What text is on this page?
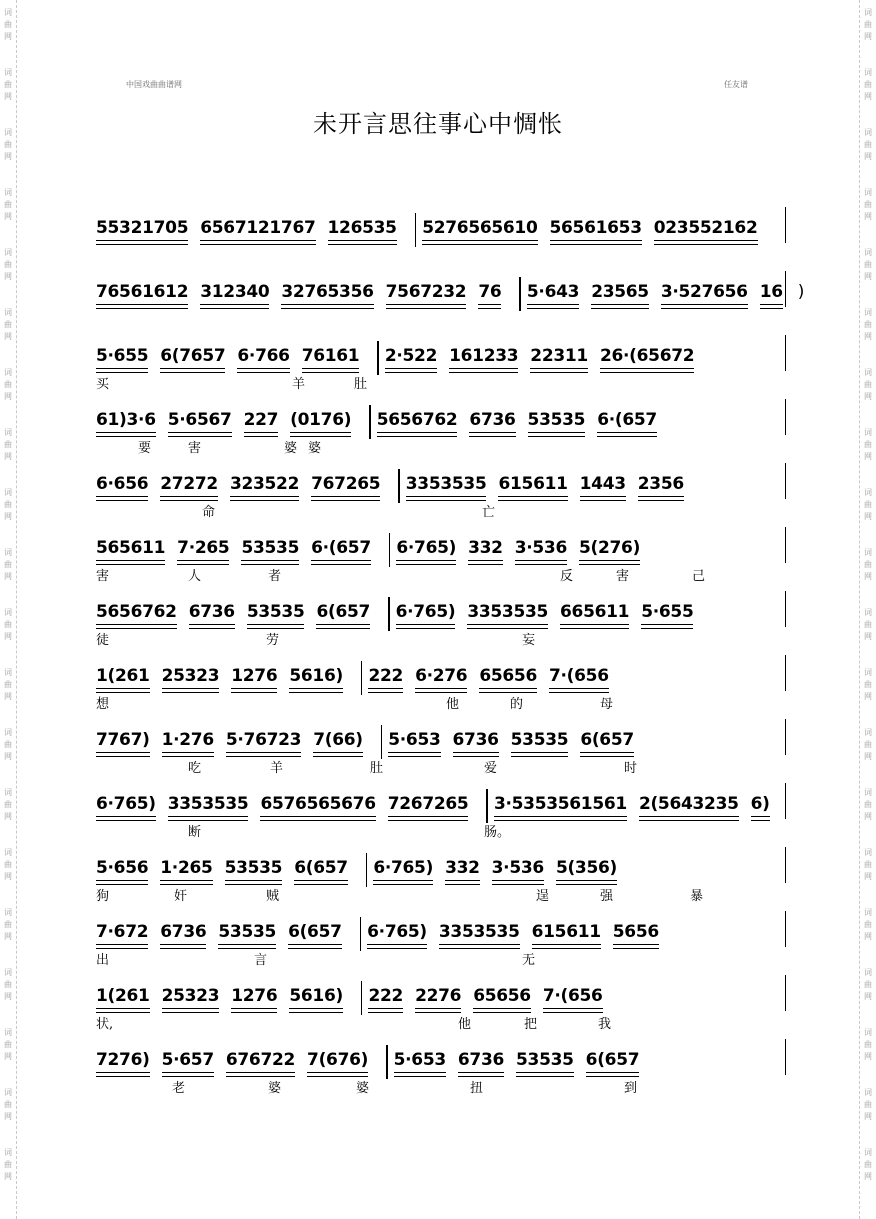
词
曲
网
词
曲
网
词
曲
网
词
曲
网
词
曲
网
词
曲
网
词
曲
网
词
曲
网
词
曲
网
词
曲
网
词
曲
网
词
曲
网
词
曲
网
词
曲
网
词
曲
网
词
曲
网
词
曲
网
词
曲
网
词
曲
网
词
曲
网
词
曲
网
词
曲
网
词
曲
网
词
曲
网
词
曲
网
词
曲
网
词
曲
网
词
曲
网
词
曲
网
词
曲
网
词
曲
网
词
曲
网
词
曲
网
词
曲
网
词
曲
网
词
曲
网
词
曲
网
词
曲
网
词
曲
网
词
曲
网
中国戏曲曲谱网	任友谱
未开言思往事心中惆怅
55321705 6567121767 126535 5276565610 56561653 023552162
76561612 312340 32765356 7567232 76 5·643 23565 3·527656 16 )
5·655 6(7657 6·766 76161 2·522 161233 22311 26·(65672
买	羊	肚
61)3·6 5·6567 227 (0176) 5656762 6736 53535 6·(657
要	害	婆 婆
6·656 27272 323522 767265 3353535 615611 1443 2356
命	亡
565611 7·265 53535 6·(657 6·765) 332 3·536 5(276)
害	人	者	反	害	己
5656762 6736 53535 6(657 6·765) 3353535 665611 5·655
徒	劳	妄
1(261 25323 1276 5616) 222 6·276 65656 7·(656
想	他	的	母
7767) 1·276 5·76723 7(66) 5·653 6736 53535 6(657
吃	羊	肚	爱	时
6·765) 3353535 6576565676 7267265 3·5353561561 2(5643235 6)
断	肠。
5·656 1·265 53535 6(657 6·765) 332 3·536 5(356)
狗	奸	贼	逞	强	暴
7·672 6736 53535 6(657 6·765) 3353535 615611 5656
出	言	无
1(261 25323 1276 5616) 222 2276 65656 7·(656
状,	他	把	我
7276) 5·657 676722 7(676) 5·653 6736 53535 6(657
老	婆	婆	扭	到
